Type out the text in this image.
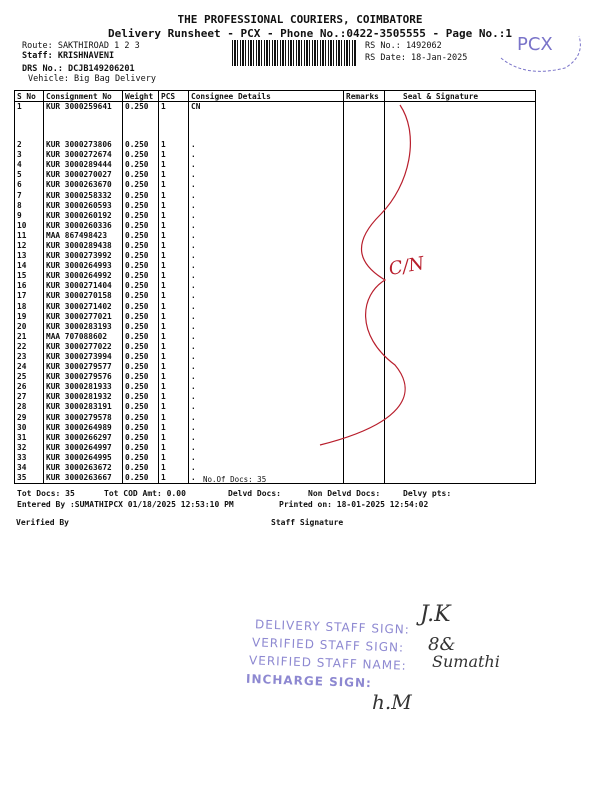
THE PROFESSIONAL COURIERS, COIMBATORE
Delivery Runsheet - PCX - Phone No.:0422-3505555 - Page No.:1
Route: SAKTHIROAD 1 2 3
Staff: KRISHNAVENI
DRS No.: DCJB149206201
Vehicle: Big Bag Delivery
RS No.: 1492062
RS Date: 18-Jan-2025
PCX
S No	Consignment No	Weight	PCS	Consignee Details	Remarks	Seal & Signature
1	KUR 3000259641	0.250	1	CN		
2	KUR 3000273806	0.250	1	.		
3	KUR 3000272674	0.250	1	.		
4	KUR 3000289444	0.250	1	.		
5	KUR 3000270027	0.250	1	.		
6	KUR 3000263670	0.250	1	.		
7	KUR 3000258332	0.250	1	.		
8	KUR 3000260593	0.250	1	.		
9	KUR 3000260192	0.250	1	.		
10	KUR 3000260336	0.250	1	.		
11	MAA 867498423	0.250	1	.		
12	KUR 3000289438	0.250	1	.		
13	KUR 3000273992	0.250	1	.		
14	KUR 3000264993	0.250	1	.		
15	KUR 3000264992	0.250	1	.		
16	KUR 3000271404	0.250	1	.		
17	KUR 3000270158	0.250	1	.		
18	KUR 3000271402	0.250	1	.		
19	KUR 3000277021	0.250	1	.		
20	KUR 3000283193	0.250	1	.		
21	MAA 707088602	0.250	1	.		
22	KUR 3000277022	0.250	1	.		
23	KUR 3000273994	0.250	1	.		
24	KUR 3000279577	0.250	1	.		
25	KUR 3000279576	0.250	1	.		
26	KUR 3000281933	0.250	1	.		
27	KUR 3000281932	0.250	1	.		
28	KUR 3000283191	0.250	1	.		
29	KUR 3000279578	0.250	1	.		
30	KUR 3000264989	0.250	1	.		
31	KUR 3000266297	0.250	1	.		
32	KUR 3000264997	0.250	1	.		
33	KUR 3000264995	0.250	1	.		
34	KUR 3000263672	0.250	1	.		
35	KUR 3000263667	0.250	1	.		No.Of Docs: 35
C/N
Tot Docs: 35	Tot COD Amt: 0.00	Delvd Docs:	Non Delvd Docs:	Delvy pts:
Entered By :SUMATHIPCX 01/18/2025 12:53:10 PM	Printed on: 18-01-2025 12:54:02
Verified By	Staff Signature
DELIVERY STAFF SIGN:
VERIFIED STAFF SIGN:
VERIFIED STAFF NAME:
INCHARGE SIGN:
J.K
8&
Sumathi
h.M
